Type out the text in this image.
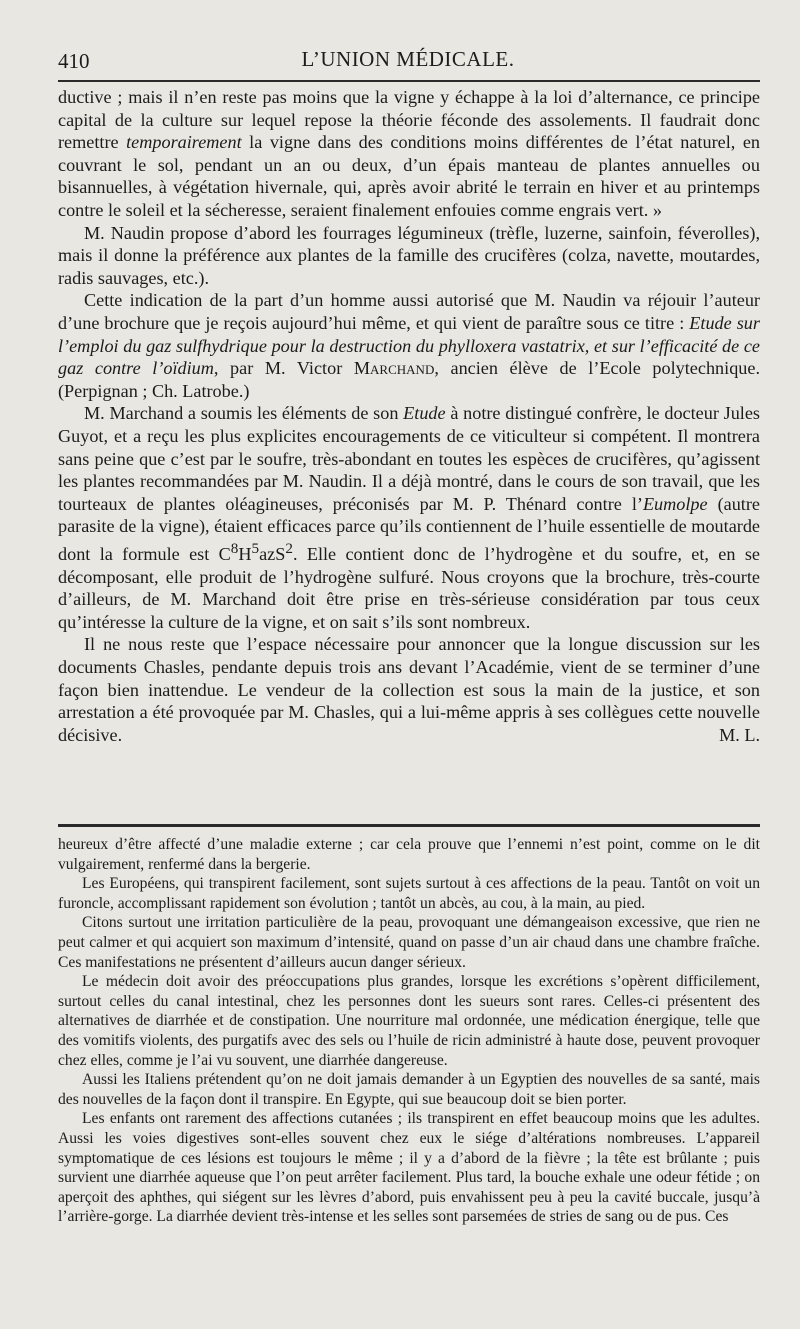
410	L’UNION MÉDICALE.

ductive ; mais il n’en reste pas moins que la vigne y échappe à la loi d’alternance, ce principe capital de la culture sur lequel repose la théorie féconde des assolements. Il faudrait donc remettre temporairement la vigne dans des conditions moins différentes de l’état naturel, en couvrant le sol, pendant un an ou deux, d’un épais manteau de plantes annuelles ou bisannuelles, à végétation hivernale, qui, après avoir abrité le terrain en hiver et au printemps contre le soleil et la sécheresse, seraient finalement enfouies comme engrais vert. »

M. Naudin propose d’abord les fourrages légumineux (trèfle, luzerne, sainfoin, féverolles), mais il donne la préférence aux plantes de la famille des crucifères (colza, navette, moutardes, radis sauvages, etc.).

Cette indication de la part d’un homme aussi autorisé que M. Naudin va réjouir l’auteur d’une brochure que je reçois aujourd’hui même, et qui vient de paraître sous ce titre : Etude sur l’emploi du gaz sulfhydrique pour la destruction du phylloxera vastatrix, et sur l’efficacité de ce gaz contre l’oïdium, par M. Victor Marchand, ancien élève de l’Ecole polytechnique. (Perpignan ; Ch. Latrobe.)

M. Marchand a soumis les éléments de son Etude à notre distingué confrère, le docteur Jules Guyot, et a reçu les plus explicites encouragements de ce viticulteur si compétent. Il montrera sans peine que c’est par le soufre, très-abondant en toutes les espèces de crucifères, qu’agissent les plantes recommandées par M. Naudin. Il a déjà montré, dans le cours de son travail, que les tourteaux de plantes oléagineuses, préconisés par M. P. Thénard contre l’Eumolpe (autre parasite de la vigne), étaient efficaces parce qu’ils contiennent de l’huile essentielle de moutarde dont la formule est $C^8H^5azS^2$. Elle contient donc de l’hydrogène et du soufre, et, en se décomposant, elle produit de l’hydrogène sulfuré. Nous croyons que la brochure, très-courte d’ailleurs, de M. Marchand doit être prise en très-sérieuse considération par tous ceux qu’intéresse la culture de la vigne, et on sait s’ils sont nombreux.

Il ne nous reste que l’espace nécessaire pour annoncer que la longue discussion sur les documents Chasles, pendante depuis trois ans devant l’Académie, vient de se terminer d’une façon bien inattendue. Le vendeur de la collection est sous la main de la justice, et son arrestation a été provoquée par M. Chasles, qui a lui-même appris à ses collègues cette nouvelle décisive.	M. L.

heureux d’être affecté d’une maladie externe ; car cela prouve que l’ennemi n’est point, comme on le dit vulgairement, renfermé dans la bergerie.

Les Européens, qui transpirent facilement, sont sujets surtout à ces affections de la peau. Tantôt on voit un furoncle, accomplissant rapidement son évolution ; tantôt un abcès, au cou, à la main, au pied.

Citons surtout une irritation particulière de la peau, provoquant une démangeaison excessive, que rien ne peut calmer et qui acquiert son maximum d’intensité, quand on passe d’un air chaud dans une chambre fraîche. Ces manifestations ne présentent d’ailleurs aucun danger sérieux.

Le médecin doit avoir des préoccupations plus grandes, lorsque les excrétions s’opèrent difficilement, surtout celles du canal intestinal, chez les personnes dont les sueurs sont rares. Celles-ci présentent des alternatives de diarrhée et de constipation. Une nourriture mal ordonnée, une médication énergique, telle que des vomitifs violents, des purgatifs avec des sels ou l’huile de ricin administré à haute dose, peuvent provoquer chez elles, comme je l’ai vu souvent, une diarrhée dangereuse.

Aussi les Italiens prétendent qu’on ne doit jamais demander à un Egyptien des nouvelles de sa santé, mais des nouvelles de la façon dont il transpire. En Egypte, qui sue beaucoup doit se bien porter.

Les enfants ont rarement des affections cutanées ; ils transpirent en effet beaucoup moins que les adultes. Aussi les voies digestives sont-elles souvent chez eux le siége d’altérations nombreuses. L’appareil symptomatique de ces lésions est toujours le même ; il y a d’abord de la fièvre ; la tête est brûlante ; puis survient une diarrhée aqueuse que l’on peut arrêter facilement. Plus tard, la bouche exhale une odeur fétide ; on aperçoit des aphthes, qui siégent sur les lèvres d’abord, puis envahissent peu à peu la cavité buccale, jusqu’à l’arrière-gorge. La diarrhée devient très-intense et les selles sont parsemées de stries de sang ou de pus. Ces
